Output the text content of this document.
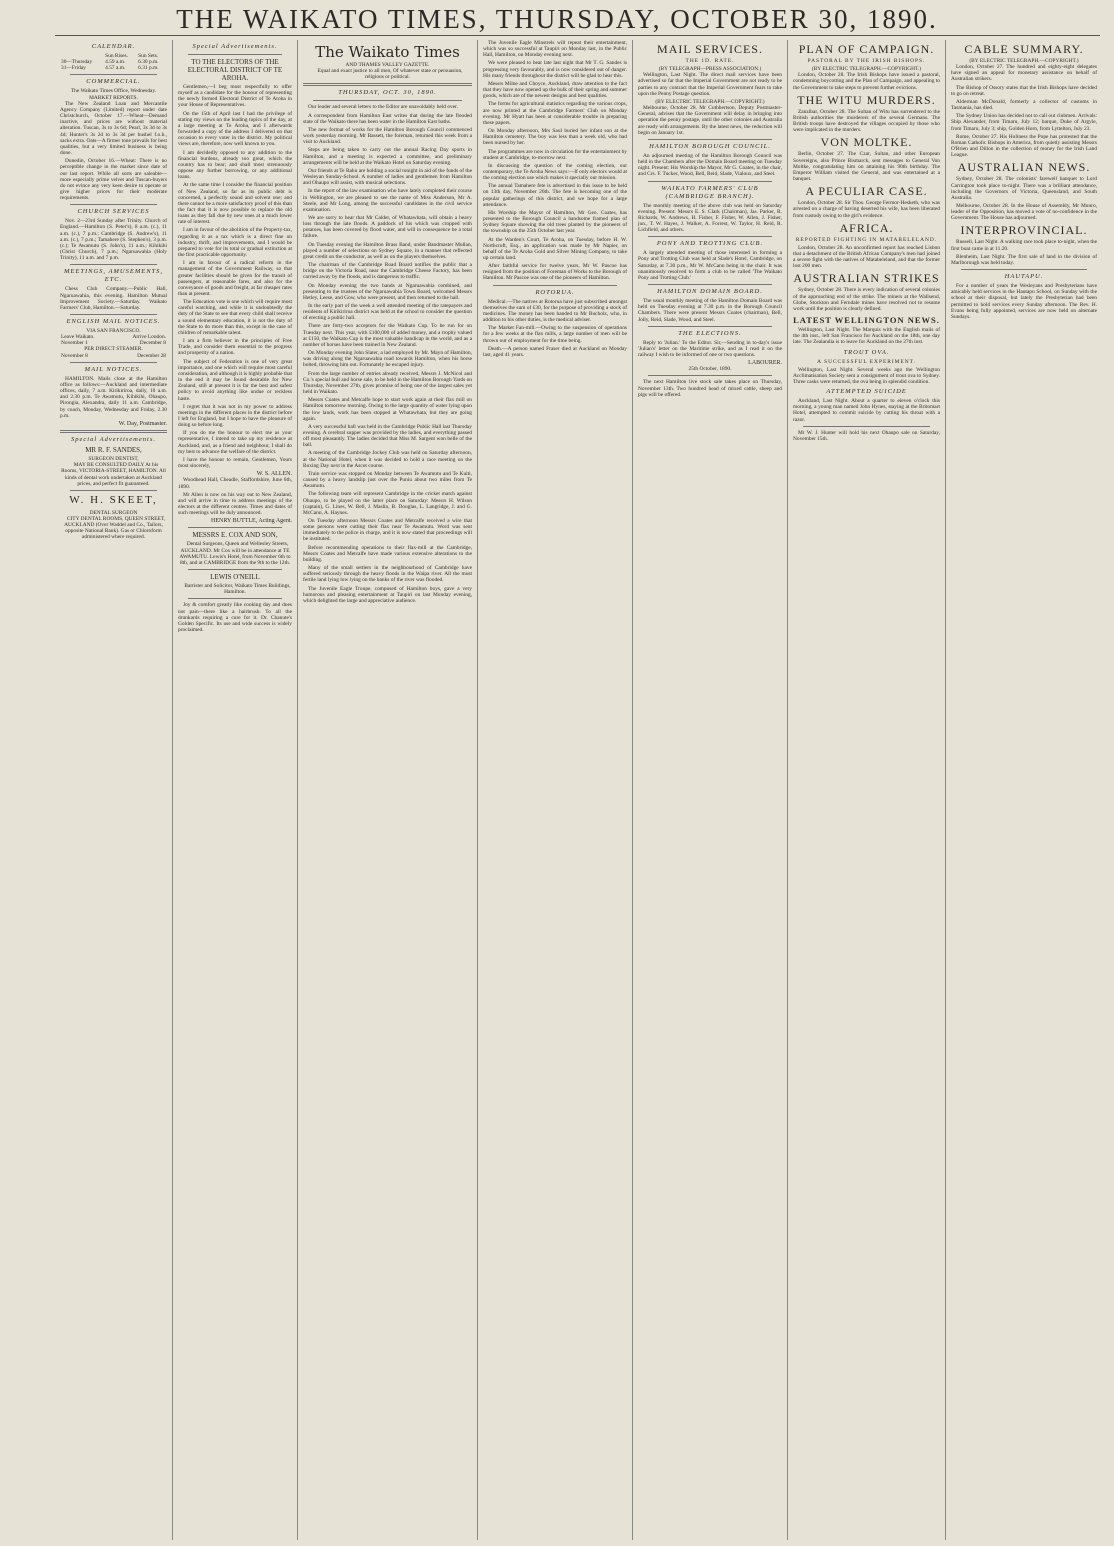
THE WAIKATO TIMES, THURSDAY, OCTOBER 30, 1890.
CALENDAR.
	Sun Rises.	Sun Sets.
30—Thursday	4.59 a.m.	6.30 p.m.
31—Friday	4.57 a.m.	6.31 p.m.
COMMERCIAL.
The Waikato Times Office, Wednesday.
MARKET REPORTS.

The New Zealand Loan and Mercantile Agency Company (Limited) report under date Christchurch, October 17.—Wheat—Demand inactive, and prices are without material alteration. Tuscan, 3s to 3s 6d; Pearl, 3s 3d to 3s 4d; Hunter's 3s 2d to 3s 3d per bushel f.o.b., sacks extra. Oats—A firmer tone prevails for best qualities, but a very limited business is being done.

Dunedin, October 16.—Wheat: There is no perceptible change in the market since date of our last report. While all sorts are saleable—more especially prime velvet and Tuscan-buyers do not evince any very keen desire to operate or give higher prices for their moderate requirements.

CHURCH SERVICES

Nov. 2—23rd Sunday after Trinity. Church of England.—Hamilton (S. Peter's), 8 a.m. (c.), 11 a.m. (c.), 7 p.m.; Cambridge (S. Andrew's), 11 a.m. (c.), 7 p.m.; Tamahere (S. Stephen's), 3 p.m. (c.); Te Awamutu (S. John's), 11 a.m.; Kihikihi (Christ Church), 7 p.m.; Ngaruawahia (Holy Trinity), 11 a.m. and 7 p.m.

MEETINGS, AMUSEMENTS, ETC.

Chess Club Company.—Public Hall, Ngaruawahia, this evening. Hamilton Mutual Improvement Society.—Saturday. Waikato Farmers' Club, Hamilton.—Saturday.

ENGLISH MAIL NOTICES.
VIA SAN FRANCISCO.
Leave Waikato.	Arrive London.
November 1	December 8
PER DIRECT STEAMER.
November 8	December 28
MAIL NOTICES.

HAMILTON. Mails close at the Hamilton office as follows:—Auckland and intermediate offices, daily, 7 a.m. Kirikiriroa, daily, 10 a.m. and 2.30 p.m. Te Awamutu, Kihikihi, Ohaupo, Pirongia, Alexandra, daily 11 a.m. Cambridge, by coach, Monday, Wednesday and Friday, 2.30 p.m.

W. Day, Postmaster.
Special Advertisements.
MR R. F. SANDES,
SURGEON DENTIST,

MAY BE CONSULTED DAILY At his Rooms, VICTORIA-STREET, HAMILTON. All kinds of dental work undertaken at Auckland prices, and perfect fit guaranteed.

W. H. SKEET,
DENTAL SURGEON

CITY DENTAL ROOMS, QUEEN STREET, AUCKLAND (Over Waddel and Co., Tailors, opposite National Bank). Gas or Chloroform administered where required.

Special Advertisements.
TO THE ELECTORS OF THE ELECTORAL DISTRICT OF TE AROHA.

Gentlemen,—I beg most respectfully to offer myself as a candidate for the honour of representing the newly formed Electoral District of Te Aroha in your House of Representatives.

On the 15th of April last I had the privilege of stating my views on the leading topics of the day, at a large meeting at Te Aroha, and I afterwards forwarded a copy of the address I delivered on that occasion to every voter in the district. My political views are, therefore, now well known to you.

I am decidedly opposed to any addition to the financial burdens, already too great, which the country has to bear; and shall most strenuously oppose any further borrowing, or any additional loans.

At the same time I consider the financial position of New Zealand, so far as its public debt is concerned, a perfectly sound and solvent one; and there cannot be a more satisfactory proof of this than the fact that it is now possible to replace the old loans as they fall due by new ones at a much lower rate of interest.

I am in favour of the abolition of the Property-tax, regarding it as a tax which is a direct fine on industry, thrift, and improvements, and I would be prepared to vote for its total or gradual extinction at the first practicable opportunity.

I am in favour of a radical reform in the management of the Government Railway, so that greater facilities should be given for the transit of passengers, at reasonable fares, and also for the conveyance of goods and freight, at far cheaper rates than at present.

The Education vote is one which will require most careful watching, and while it is undoubtedly the duty of the State to see that every child shall receive a sound elementary education, it is not the duty of the State to do more than this, except in the case of children of remarkable talent.

I am a firm believer in the principles of Free Trade, and consider them essential to the progress and prosperity of a nation.

The subject of Federation is one of very great importance, and one which will require most careful consideration, and although it is highly probable that in the end it may be found desirable for New Zealand, still at present it is far the best and safest policy to avoid anything like undue or reckless haste.

I regret that it was not in my power to address meetings in the different places in the district before I left for England, but I hope to have the pleasure of doing so before long.

If you do me the honour to elect me as your representative, I intend to take up my residence at Auckland, and, as a friend and neighbour, I shall do my best to advance the welfare of the district.

I have the honour to remain, Gentlemen, Yours most sincerely,

W. S. ALLEN.

Woodhead Hall, Cheadle, Staffordshire, June 6th, 1890.

Mr Allen is now on his way out to New Zealand, and will arrive in time to address meetings of the electors at the different centres. Times and dates of such meetings will be duly announced.

HENRY BUTTLE, Acting Agent.
MESSRS E. COX AND SON,

Dental Surgeons, Queen and Wellesley Streets, AUCKLAND. Mr Cox will be in attendance at TE AWAMUTU. Lewis's Hotel, from November 6th to 8th, and at CAMBRIDGE from the 9th to the 12th.

LEWIS O'NEILL

Barrister and Solicitor, Waikato Times Buildings, Hamilton.

Joy & comfort greatly like cooking day and does not pain—there like a hairbrush. To all the drunkards requiring a cure for it. Dr. Chanute's Golden Specific. Its use and wide success is widely proclaimed.

The Waikato Times
AND THAMES VALLEY GAZETTE.

Equal and exact justice to all men, Of whatever state or persuasion, religious or political.

THURSDAY, OCT. 30, 1890.

Our leader and several letters to the Editor are unavoidably held over.

A correspondent from Hamilton East writes that during the late flooded state of the Waikato there has been water in the Hamilton East baths.

The new format of works for the Hamilton Borough Council commenced work yesterday morning. Mr Bassett, the foreman, returned this week from a visit to Auckland.

Steps are being taken to carry out the annual Racing Day sports in Hamilton, and a meeting is expected a committee, and preliminary arrangements will be held at the Waikato Hotel on Saturday evening.

Our friends at Te Rahu are holding a social tonight in aid of the funds of the Wesleyan Sunday-School. A number of ladies and gentlemen from Hamilton and Ohaupo will assist, with musical selections.

In the report of the law examination who have lately completed their course in Wellington, we are pleased to see the name of Miss Anderson, Mr A. Steele, and Mr Long, among the successful candidates in the civil service examination.

We are sorry to hear that Mr Calder, of Whatawhata, will obtain a heavy loss through the late floods. A paddock of his which was cropped with potatoes, has been covered by flood water, and will in consequence be a total failure.

On Tuesday evening the Hamilton Brass Band, under Bandmaster Mullan, played a number of selections on Sydney Square, in a manner that reflected great credit on the conductor, as well as on the players themselves.

The chairman of the Cambridge Road Board notifies the public that a bridge on the Victoria Road, near the Cambridge Cheese Factory, has been carried away by the floods, and is dangerous to traffic.

On Monday evening the two bands at Ngaruawahia combined, and presenting to the trustees of the Ngaruawahia Town Board, welcomed Messrs Hetley, Leese, and Gow, who were present, and then returned to the hall.

In the early part of the week a well attended meeting of the ratepayers and residents of Kirikiriroa district was held at the school to consider the question of erecting a public hall.

There are forty-two acceptors for the Waikato Cup. To be run for on Tuesday next. This year, with £100,000 of added money, and a trophy valued at £150, the Waikato Cup is the most valuable handicap in the world, and as a number of horses have been trained in New Zealand.

On Monday evening John Slater, a lad employed by Mr. Mayn of Hamilton, was driving along the Ngaruawahia road towards Hamilton, when his horse bolted, throwing him out. Fortunately he escaped injury.

From the large number of entries already received, Messrs J. McNicol and Co.'s special bull and horse sale, to be held in the Hamilton Borough Yards on Thursday, November 27th, gives promise of being one of the largest sales yet held in Waikato.

Messrs Coates and Metcalfe hope to start work again at their flax mill on Hamilton tomorrow morning. Owing to the large quantity of water lying upon the low lands, work has been stopped at Whatawhata, but they are going again.

A very successful ball was held in the Cambridge Public Hall last Thursday evening. A cerebral supper was provided by the ladies, and everything passed off most pleasantly. The ladies decided that Miss M. Sargent won belle of the ball.

A meeting of the Cambridge Jockey Club was held on Saturday afternoon, at the National Hotel, when it was decided to hold a race meeting on the Boxing Day next in the Ascot course.

Train service was stopped on Monday between Te Awamutu and Te Kuiti, caused by a heavy landslip just over the Puniu about two miles from Te Awamutu.

The following team will represent Cambridge in the cricket match against Ohaupo, to be played on the latter place on Saturday: Messrs H. Wilson (captain), G. Lines, W. Bell, J. Maslin, B. Douglas, L. Langridge, J. and G. McCann, A. Haynes.

On Tuesday afternoon Messrs Coates and Metcalfe received a wire that some persons were cutting their flax near Te Awamutu. Word was sent immediately to the police in charge, and it is now stated that proceedings will be instituted.

Before recommending operations to their flax-mill at the Cambridge, Messrs Coates and Metcalfe have made various extensive alterations to the building.

Many of the small settlers in the neighbourhood of Cambridge have suffered seriously through the heavy floods in the Waipa river. All the most fertile land lying low lying on the banks of the river was flooded.

The Juvenile Eagle Troupe, composed of Hamilton boys, gave a very humorous and pleasing entertainment at Taupiri on last Monday evening, which delighted the large and appreciative audience.

The Juvenile Eagle Minstrels will repeat their entertainment, which was so successful at Taupiri on Monday last, in the Public Hall, Hamilton, on Monday evening next.

We were pleased to hear late last night that Mr T. G. Sandes is progressing very favourably, and is now considered out of danger. His many friends throughout the district will be glad to hear this.

Messrs Milne and Choyce, Auckland, draw attention to the fact that they have now opened up the bulk of their spring and summer goods, which are of the newest designs and best qualities.

The forms for agricultural statistics regarding the various crops, are now printed at the Cambridge Farmers' Club on Monday evening. Mr Hyatt has been at considerable trouble in preparing these papers.

On Monday afternoon, Mrs Saul buried her infant son at the Hamilton cemetery. The boy was less than a week old, who had been nursed by her.

The programmes are now in circulation for the entertainment by student at Cambridge, to-morrow next.

In discussing the question of the coming election, our contemporary, the Te Aroha News says:—If only electors would at the coming election use which makes it specially our mission.

The annual Tamahere fete is advertised in this issue to be held on 13th day, November 26th. The fete is becoming one of the popular gatherings of this district, and we hope for a large attendance.

His Worship the Mayor of Hamilton, Mr Geo. Coates, has presented to the Borough Council a handsome framed plan of Sydney Square showing the old trees planted by the pioneers of the township on the 25th October last year.

At the Warden's Court, Te Aroha, on Tuesday, before H. W. Northcroft, Esq., an application was made by Mr Napier, on behalf of the Te Aroha Gold and Silver Mining Company, to take up certain land.

After faithful service for twelve years, Mr W. Pascoe has resigned from the position of Foreman of Works to the Borough of Hamilton. Mr Pascoe was one of the pioneers of Hamilton.

ROTORUA.

Medical.—The natives at Rotorua have just subscribed amongst themselves the sum of £30, for the purpose of providing a stock of medicines. The money has been handed to Mr Bucholz, who, in addition to his other duties, is the medical adviser.

The Market Fan-mill.—Owing to the suspension of operations for a few weeks at the flax mills, a large number of men will be thrown out of employment for the time being.

Death.—A person named Fraser died at Auckland on Monday last, aged 41 years.

MAIL SERVICES.
THE 1D. RATE.
(BY TELEGRAPH—PRESS ASSOCIATION.)

Wellington, Last Night. The direct mail services have been advertised so far that the Imperial Government are not ready to be parties to any contract that the Imperial Government fears to take upon the Penny Postage question.

(BY ELECTRIC TELEGRAPH.—COPYRIGHT.)

Melbourne, October 28. Mr Cuthbertson, Deputy Postmaster-General, advises that the Government will delay in bringing into operation the penny postage, until the other colonies and Australia are ready with arrangements. By the latest news, the reduction will begin on January 1st.

HAMILTON BOROUGH COUNCIL.

An adjourned meeting of the Hamilton Borough Council was held in the Chambers after the Domain Board meeting on Tuesday night. Present: His Worship the Mayor, Mr G. Coates, in the chair, and Crs. F. Tucker, Wood, Bell, Reid, Slade, Vialoux, and Steel.

WAIKATO FARMERS' CLUB (CAMBRIDGE BRANCH).

The monthly meeting of the above club was held on Saturday evening. Present: Messrs E. S. Clark (Chairman), Jas. Parker, R. Richards, W. Andrews, H. Fisher, F. Fisher, W. Allen, J. Fisher, jun., T. W. Hayes, J. Walker, A. Forrest, W. Taylor, H. Reid, R. Lichfield, and others.

PONY AND TROTTING CLUB.

A largely attended meeting of those interested in forming a Pony and Trotting Club was held at Slade's Hotel, Cambridge, on Saturday, at 7.30 p.m., Mr W. McCann being in the chair. It was unanimously resolved to form a club to be called 'The Waikato Pony and Trotting Club.'

HAMILTON DOMAIN BOARD.

The usual monthly meeting of the Hamilton Domain Board was held on Tuesday evening at 7.30 p.m. in the Borough Council Chambers. There were present Messrs Coates (chairman), Bell, Jolly, Reid, Slade, Wood, and Steel.

THE ELECTIONS.

Reply to 'Julian.' To the Editor. Sir,—Sending in to-day's issue 'Julian's' letter on the Maritime strike, and as I read it on the railway I wish to be informed of one or two questions.

LABOURER.
25th October, 1890.

The next Hamilton live stock sale takes place on Thursday, November 13th. Two hundred head of mixed cattle, sheep and pigs will be offered.

PLAN OF CAMPAIGN.
PASTORAL BY THE IRISH BISHOPS.
(BY ELECTRIC TELEGRAPH.—COPYRIGHT.)

London, October 28. The Irish Bishops have issued a pastoral, condemning boycotting and the Plan of Campaign, and appealing to the Government to take steps to prevent further evictions.

THE WITU MURDERS.

Zanzibar, October 28. The Sultan of Witu has surrendered to the British authorities the murderers of the several Germans. The British troops have destroyed the villages occupied by those who were implicated in the murders.

VON MOLTKE.

Berlin, October 27. The Czar, Sultan, and other European Sovereigns, also Prince Bismarck, sent messages to General Von Moltke, congratulating him on attaining his 90th birthday. The Emperor William visited the General, and was entertained at a banquet.

A PECULIAR CASE.

London, October 28. Sir Thos. George Fermor-Hesketh, who was arrested on a charge of having deserted his wife, has been liberated from custody owing to the girl's evidence.

AFRICA.
REPORTED FIGHTING IN MATABELELAND.

London, October 28. An unconfirmed report has reached Lisbon that a detachment of the British African Company's men had joined a severe fight with the natives of Matabeleland, and that the former lost 200 men.

AUSTRALIAN STRIKES

Sydney, October 28. There is every indication of several colonies of the approaching end of the strike. The miners at the Wallsend, Globe, Stockton and Ferndale mines have resolved not to resume work until the position is clearly defined.

LATEST WELLINGTON NEWS.

Wellington, Last Night. The Marquis with the English mails of the 4th inst., left San Francisco for Auckland on the 18th, one day late. The Zealandia is to leave for Auckland on the 27th inst.

TROUT OVA.
A SUCCESSFUL EXPERIMENT.

Wellington, Last Night. Several weeks ago the Wellington Acclimatisation Society sent a consignment of trout ova to Sydney. Three casks were returned, the ova being in splendid condition.

ATTEMPTED SUICIDE

Auckland, Last Night. About a quarter to eleven o'clock this morning, a young man named John Hynes, staying at the Britomart Hotel, attempted to commit suicide by cutting his throat with a razor.

Mr W. J. Hunter will hold his next Ohaupo sale on Saturday, November 15th.

CABLE SUMMARY.
(BY ELECTRIC TELEGRAPH.—COPYRIGHT.)

London, October 27. The hundred and eighty-eight delegates have signed an appeal for monetary assistance on behalf of Australian strikers.

The Bishop of Ossory states that the Irish Bishops have decided to go on retreat.

Alderman McDonald, formerly a collector of customs in Tasmania, has died.

The Sydney Union has decided not to call out clubmen. Arrivals: Ship Alexander, from Timaru, July 12; barque, Duke of Argyle, from Timaru, July 3; ship, Golden Horn, from Lyttelton, July 23.

Rome, October 27. His Holiness the Pope has protested that the Roman Catholic Bishops in America, from quietly assisting Messrs O'Brien and Dillon in the collection of money for the Irish Land League.

AUSTRALIAN NEWS.

Sydney, October 28. The colonists' farewell banquet to Lord Carrington took place to-night. There was a brilliant attendance, including the Governors of Victoria, Queensland, and South Australia.

Melbourne, October 28. In the House of Assembly, Mr Munro, leader of the Opposition, has moved a vote of no-confidence in the Government. The House has adjourned.

INTERPROVINCIAL.

Russell, Last Night. A walking race took place to-night, when the first boat came in at 11.20.

Blenheim, Last Night. The first sale of land in the division of Marlborough was held today.

HAUTAPU.

For a number of years the Wesleyans and Presbyterians have amicably held services in the Hautapu School, on Sunday with the school at their disposal, but lately the Presbyterian had been permitted to hold services every Sunday afternoon. The Rev. H. Evans being fully appointed, services are now held on alternate Sundays.
